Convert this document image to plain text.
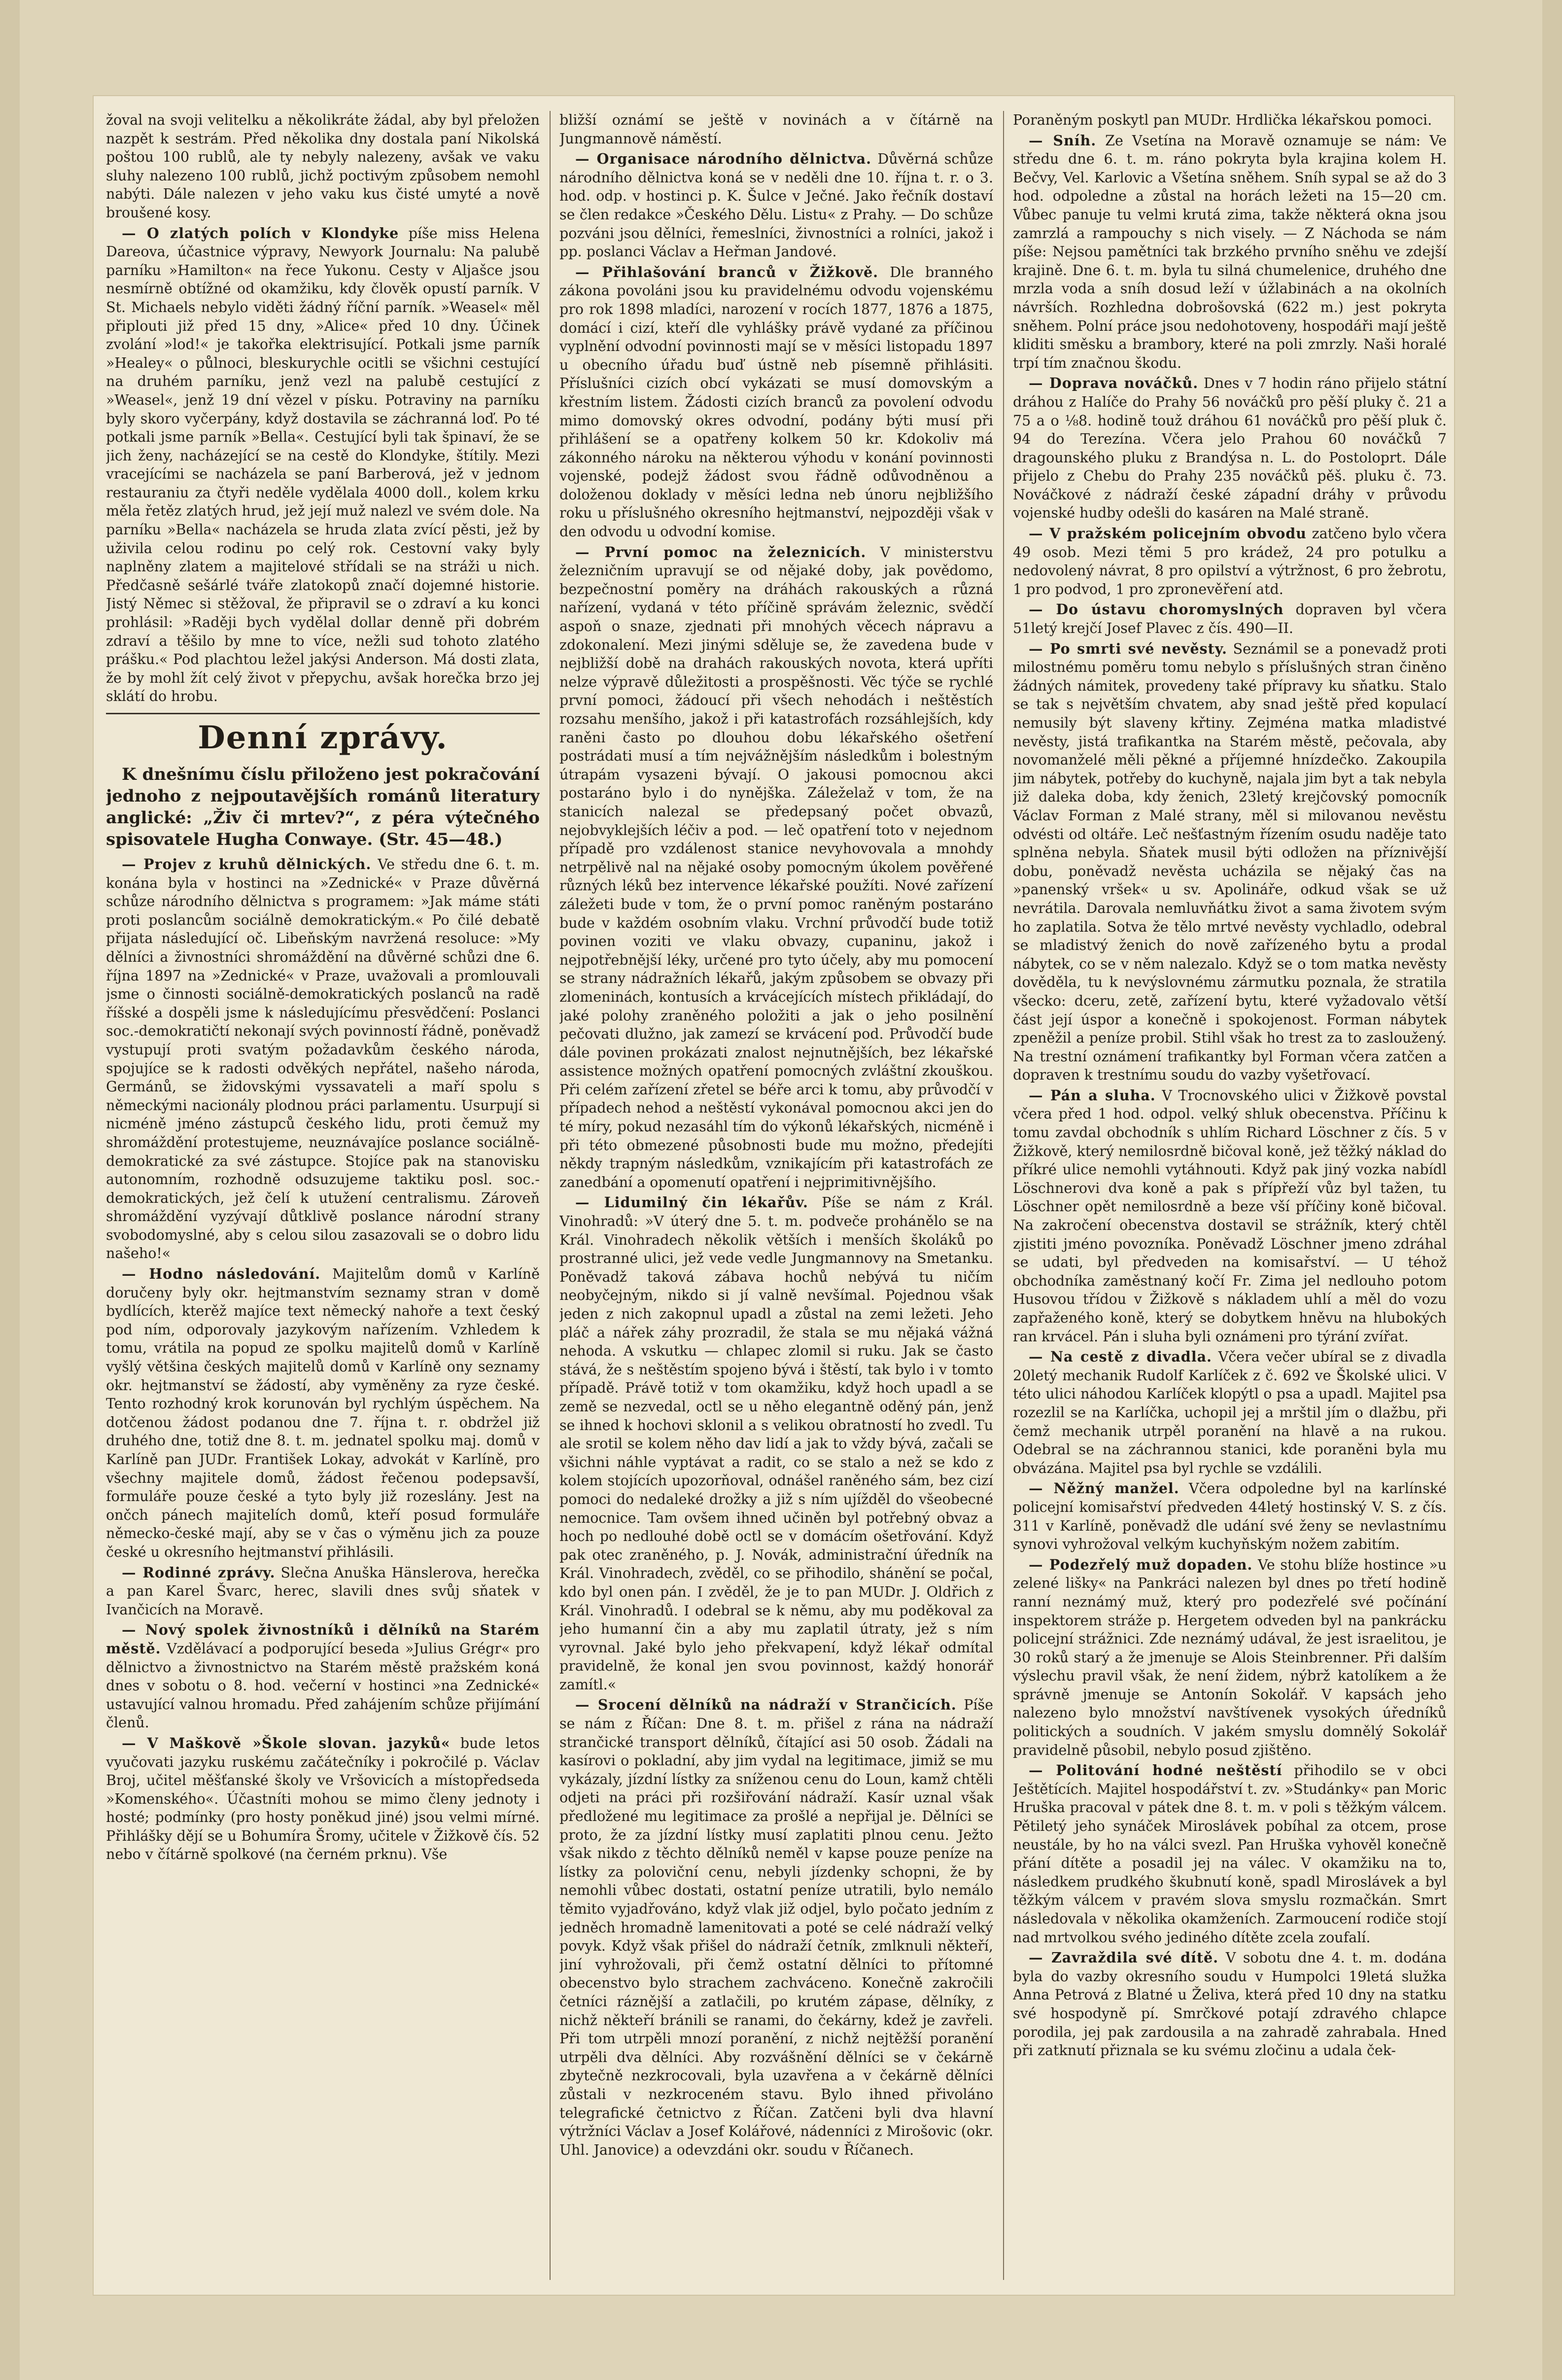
žoval na svoji velitelku a několikráte žádal, aby byl přeložen nazpět k sestrám. Před několika dny dostala paní Nikolská poštou 100 rublů, ale ty nebyly nalezeny, avšak ve vaku sluhy nalezeno 100 rublů, jichž poctivým způsobem nemohl nabýti. Dále nalezen v jeho vaku kus čisté umyté a nově broušené kosy.

— O zlatých polích v Klondyke píše miss Helena Dareova, účastnice výpravy, Newyork Journalu: Na palubě parníku »Hamilton« na řece Yukonu. Cesty v Aljašce jsou nesmírně obtížné od okamžiku, kdy člověk opustí parník. V St. Michaels nebylo viděti žádný říční parník. »Weasel« měl připlouti již před 15 dny, »Alice« před 10 dny. Účinek zvolání »lod!« je takořka elektrisující. Potkali jsme parník »Healey« o půlnoci, bleskurychle ocitli se všichni cestující na druhém parníku, jenž vezl na palubě cestující z »Weasel«, jenž 19 dní vězel v písku. Potraviny na parníku byly skoro vyčerpány, když dostavila se záchranná loď. Po té potkali jsme parník »Bella«. Cestující byli tak špinaví, že se jich ženy, nacházející se na cestě do Klondyke, štítily. Mezi vracejícími se nacházela se paní Barberová, jež v jednom restauraniu za čtyři neděle vydělala 4000 doll., kolem krku měla řetěz zlatých hrud, jež její muž nalezl ve svém dole. Na parníku »Bella« nacházela se hruda zlata zvící pěsti, jež by uživila celou rodinu po celý rok. Cestovní vaky byly naplněny zlatem a majitelové střídali se na stráži u nich. Předčasně sešárlé tváře zlatokopů značí dojemné historie. Jistý Němec si stěžoval, že připravil se o zdraví a ku konci prohlásil: »Raději bych vydělal dollar denně při dobrém zdraví a těšilo by mne to více, nežli sud tohoto zlatého prášku.« Pod plachtou ležel jakýsi Anderson. Má dosti zlata, že by mohl žít celý život v přepychu, avšak horečka brzo jej sklátí do hrobu.

Denní zprávy.

K dnešnímu číslu přiloženo jest pokračování jednoho z nejpoutavějších románů literatury anglické: „Živ či mrtev?“, z péra výtečného spisovatele Hugha Conwaye. (Str. 45—48.)

— Projev z kruhů dělnických. Ve středu dne 6. t. m. konána byla v hostinci na »Zednické« v Praze důvěrná schůze národního dělnictva s programem: »Jak máme státi proti poslancům sociálně demokratickým.« Po čilé debatě přijata následující oč. Libeňským navržená resoluce: »My dělníci a živnostníci shromáždění na důvěrné schůzi dne 6. října 1897 na »Zednické« v Praze, uvažovali a promlouvali jsme o činnosti sociálně-demokratických poslanců na radě říšské a dospěli jsme k následujícímu přesvědčení: Poslanci soc.-demokratičtí nekonají svých povinností řádně, poněvadž vystupují proti svatým požadavkům českého národa, spojujíce se k radosti odvěkých nepřátel, našeho národa, Germánů, se židovskými vyssavateli a maří spolu s německými nacionály plodnou práci parlamentu. Usurpují si nicméně jméno zástupců českého lidu, proti čemuž my shromáždění protestujeme, neuznávajíce poslance sociálně-demokratické za své zástupce. Stojíce pak na stanovisku autonomním, rozhodně odsuzujeme taktiku posl. soc.-demokratických, jež čelí k utužení centralismu. Zároveň shromáždění vyzývají důtklivě poslance národní strany svobodomyslné, aby s celou silou zasazovali se o dobro lidu našeho!«

— Hodno následování. Majitelům domů v Karlíně doručeny byly okr. hejtmanstvím seznamy stran v domě bydlících, kterěž majíce text německý nahoře a text český pod ním, odporovaly jazykovým nařízením. Vzhledem k tomu, vrátila na popud ze spolku majitelů domů v Karlíně vyšlý většina českých majitelů domů v Karlíně ony seznamy okr. hejtmanství se žádostí, aby vyměněny za ryze české. Tento rozhodný krok korunován byl rychlým úspěchem. Na dotčenou žádost podanou dne 7. října t. r. obdržel již druhého dne, totiž dne 8. t. m. jednatel spolku maj. domů v Karlíně pan JUDr. František Lokay, advokát v Karlíně, pro všechny majitele domů, žádost řečenou podepsavší, formuláře pouze české a tyto byly již rozeslány. Jest na ončch pánech majitelích domů, kteří posud formuláře německo-české mají, aby se v čas o výměnu jich za pouze české u okresního hejtmanství přihlásili.

— Rodinné zprávy. Slečna Anuška Hänslerova, herečka a pan Karel Švarc, herec, slavili dnes svůj sňatek v Ivančicích na Moravě.

— Nový spolek živnostníků i dělníků na Starém městě. Vzdělávací a podporující beseda »Julius Grégr« pro dělnictvo a živnostnictvo na Starém městě pražském koná dnes v sobotu o 8. hod. večerní v hostinci »na Zednické« ustavující valnou hromadu. Před zahájením schůze přijímání členů.

— V Maškově »Škole slovan. jazyků« bude letos vyučovati jazyku ruskému začátečníky i pokročilé p. Václav Broj, učitel měšťanské školy ve Vršovicích a místopředseda »Komenského«. Účastníti mohou se mimo členy jednoty i hosté; podmínky (pro hosty poněkud jiné) jsou velmi mírné. Přihlášky dějí se u Bohumíra Šromy, učitele v Žižkově čís. 52 nebo v čítárně spolkové (na černém prknu). Vše

bližší oznámí se ještě v novinách a v čítárně na Jungmannově náměstí.

— Organisace národního dělnictva. Důvěrná schůze národního dělnictva koná se v neděli dne 10. října t. r. o 3. hod. odp. v hostinci p. K. Šulce v Ječné. Jako řečník dostaví se člen redakce »Českého Dělu. Listu« z Prahy. — Do schůze pozváni jsou dělníci, řemeslníci, živnostníci a rolníci, jakož i pp. poslanci Václav a Heřman Jandové.

— Přihlašování branců v Žižkově. Dle branného zákona povoláni jsou ku pravidelnému odvodu vojenskému pro rok 1898 mladíci, narození v rocích 1877, 1876 a 1875, domácí i cizí, kteří dle vyhlášky právě vydané za příčinou vyplnění odvodní povinnosti mají se v měsíci listopadu 1897 u obecního úřadu buď ústně neb písemně přihlásiti. Příslušníci cizích obcí vykázati se musí domovským a křestním listem. Žádosti cizích branců za povolení odvodu mimo domovský okres odvodní, podány býti musí při přihlášení se a opatřeny kolkem 50 kr. Kdokoliv má zákonného nároku na některou výhodu v konání povinnosti vojenské, podejž žádost svou řádně odůvodněnou a doloženou doklady v měsíci ledna neb únoru nejbližšího roku u příslušného okresního hejtmanství, nejpozději však v den odvodu u odvodní komise.

— První pomoc na železnicích. V ministerstvu železničním upravují se od nějaké doby, jak povědomo, bezpečnostní poměry na dráhách rakouských a různá nařízení, vydaná v této příčině správám železnic, svědčí aspoň o snaze, zjednati při mnohých věcech nápravu a zdokonalení. Mezi jinými sděluje se, že zavedena bude v nejbližší době na drahách rakouských novota, která upříti nelze výpravě důležitosti a prospěšnosti. Věc týče se rychlé první pomoci, žádoucí při všech nehodách i neštěstích rozsahu menšího, jakož i při katastrofách rozsáhlejších, kdy raněni často po dlouhou dobu lékařského ošetření postrádati musí a tím nejvážnějším následkům i bolestným útrapám vysazeni bývají. O jakousi pomocnou akci postaráno bylo i do nynějška. Záleželaž v tom, že na stanicích nalezal se předepsaný počet obvazů, nejobvyklejších léčiv a pod. — leč opatření toto v nejednom případě pro vzdálenost stanice nevyhovovala a mnohdy netrpělivě nal na nějaké osoby pomocným úkolem pověřené různých léků bez intervence lékařské použíti. Nové zařízení záležeti bude v tom, že o první pomoc raněným postaráno bude v každém osobním vlaku. Vrchní průvodčí bude totiž povinen voziti ve vlaku obvazy, cupaninu, jakož i nejpotřebnější léky, určené pro tyto účely, aby mu pomocení se strany nádražních lékařů, jakým způsobem se obvazy při zlomeninách, kontusích a krvácejících místech přikládají, do jaké polohy zraněného položiti a jak o jeho posilnění pečovati dlužno, jak zamezí se krvácení pod. Průvodčí bude dále povinen prokázati znalost nejnutnějších, bez lékařské assistence možných opatření pomocných zvláštní zkouškou. Při celém zařízení zřetel se béře arci k tomu, aby průvodčí v případech nehod a neštěstí vykonával pomocnou akci jen do té míry, pokud nezasáhl tím do výkonů lékařských, nicméně i při této obmezené působnosti bude mu možno, předejíti někdy trapným následkům, vznikajícím při katastrofách ze zanedbání a opomenutí opatření i nejprimitivnějšího.

— Lidumilný čin lékařův. Píše se nám z Král. Vinohradů: »V úterý dne 5. t. m. podveče prohánělo se na Král. Vinohradech několik větších i menších školáků po prostranné ulici, jež vede vedle Jungmannovy na Smetanku. Poněvadž taková zábava hochů nebývá tu ničím neobyčejným, nikdo si jí valně nevšímal. Pojednou však jeden z nich zakopnul upadl a zůstal na zemi ležeti. Jeho pláč a nářek záhy prozradil, že stala se mu nějaká vážná nehoda. A vskutku — chlapec zlomil si ruku. Jak se často stává, že s neštěstím spojeno bývá i štěstí, tak bylo i v tomto případě. Právě totiž v tom okamžiku, když hoch upadl a se země se nezvedal, octl se u něho elegantně oděný pán, jenž se ihned k hochovi sklonil a s velikou obratností ho zvedl. Tu ale srotil se kolem něho dav lidí a jak to vždy bývá, začali se všichni náhle vyptávat a radit, co se stalo a než se kdo z kolem stojících upozorňoval, odnášel raněného sám, bez cizí pomoci do nedaleké drožky a již s ním ujížděl do všeobecné nemocnice. Tam ovšem ihned učiněn byl potřebný obvaz a hoch po nedlouhé době octl se v domácím ošetřování. Když pak otec zraněného, p. J. Novák, administrační úředník na Král. Vinohradech, zvěděl, co se přihodilo, shánění se počal, kdo byl onen pán. I zvěděl, že je to pan MUDr. J. Oldřich z Král. Vinohradů. I odebral se k němu, aby mu poděkoval za jeho humanní čin a aby mu zaplatil útraty, jež s ním vyrovnal. Jaké bylo jeho překvapení, když lékař odmítal pravidelně, že konal jen svou povinnost, každý honorář zamítl.«

— Srocení dělníků na nádraží v Strančicích. Píše se nám z Říčan: Dne 8. t. m. přišel z rána na nádraží strančické transport dělníků, čítající asi 50 osob. Žádali na kasírovi o pokladní, aby jim vydal na legitimace, jimiž se mu vykázaly, jízdní lístky za sníženou cenu do Loun, kamž chtěli odjeti na práci při rozšiřování nádraží. Kasír uznal však předložené mu legitimace za prošlé a nepřijal je. Dělníci se proto, že za jízdní lístky musí zaplatiti plnou cenu. Ježto však nikdo z těchto dělníků neměl v kapse pouze peníze na lístky za poloviční cenu, nebyli jízdenky schopni, že by nemohli vůbec dostati, ostatní peníze utratili, bylo nemálo těmito vyjadřováno, když vlak již odjel, bylo počato jedním z jedněch hromadně lamenitovati a poté se celé nádraží velký povyk. Když však přišel do nádraží četník, zmlknuli někteří, jiní vyhrožovali, při čemž ostatní dělníci to přítomné obecenstvo bylo strachem zachváceno. Konečně zakročili četníci ráznější a zatlačili, po krutém zápase, dělníky, z nichž někteří bránili se ranami, do čekárny, kdež je zavřeli. Při tom utrpěli mnozí poranění, z nichž nejtěžší poranění utrpěli dva dělníci. Aby rozvášnění dělníci se v čekárně zbytečně nezkrocovali, byla uzavřena a v čekárně dělníci zůstali v nezkroceném stavu. Bylo ihned přivoláno telegrafické četnictvo z Říčan. Zatčeni byli dva hlavní výtržníci Václav a Josef Kolářové, nádenníci z Mirošovic (okr. Uhl. Janovice) a odevzdáni okr. soudu v Říčanech.

Poraněným poskytl pan MUDr. Hrdlička lékařskou pomoci.

— Sníh. Ze Vsetína na Moravě oznamuje se nám: Ve středu dne 6. t. m. ráno pokryta byla krajina kolem H. Bečvy, Vel. Karlovic a Všetína sněhem. Sníh sypal se až do 3 hod. odpoledne a zůstal na horách ležeti na 15—20 cm. Vůbec panuje tu velmi krutá zima, takže některá okna jsou zamrzlá a rampouchy s nich visely. — Z Náchoda se nám píše: Nejsou pamětníci tak brzkého prvního sněhu ve zdejší krajině. Dne 6. t. m. byla tu silná chumelenice, druhého dne mrzla voda a sníh dosud leží v úžlabinách a na okolních návrších. Rozhledna dobrošovská (622 m.) jest pokryta sněhem. Polní práce jsou nedohotoveny, hospodáři mají ještě kliditi směsku a brambory, které na poli zmrzly. Naši horalé trpí tím značnou škodu.

— Doprava nováčků. Dnes v 7 hodin ráno přijelo státní dráhou z Halíče do Prahy 56 nováčků pro pěší pluky č. 21 a 75 a o ⅛8. hodině touž dráhou 61 nováčků pro pěší pluk č. 94 do Terezína. Včera jelo Prahou 60 nováčků 7 dragounského pluku z Brandýsa n. L. do Postoloprt. Dále přijelo z Chebu do Prahy 235 nováčků pěš. pluku č. 73. Nováčkové z nádraží české západní dráhy v průvodu vojenské hudby odešli do kasáren na Malé straně.

— V pražském policejním obvodu zatčeno bylo včera 49 osob. Mezi těmi 5 pro krádež, 24 pro potulku a nedovolený návrat, 8 pro opilství a výtržnost, 6 pro žebrotu, 1 pro podvod, 1 pro zpronevěření atd.

— Do ústavu choromyslných dopraven byl včera 51letý krejčí Josef Plavec z čís. 490—II.

— Po smrti své nevěsty. Seznámil se a ponevadž proti milostnému poměru tomu nebylo s příslušných stran činěno žádných námitek, provedeny také přípravy ku sňatku. Stalo se tak s největším chvatem, aby snad ještě před kopulací nemusily být slavenу křtiny. Zejména matka mladistvé nevěsty, jistá trafikantka na Starém městě, pečovala, aby novomanželé měli pěkné a příjemné hnízdečko. Zakoupila jim nábytek, potřeby do kuchyně, najala jim byt a tak nebyla již daleka doba, kdy ženich, 23letý krejčovský pomocník Václav Forman z Malé strany, měl si milovanou nevěstu odvésti od oltáře. Leč nešťastným řízením osudu naděje tato splněna nebyla. Sňatek musil býti odložen na příznivější dobu, poněvadž nevěsta ucházila se nějaký čas na »panenský vršek« u sv. Apolináře, odkud však se už nevrátila. Darovala nemluvňátku život a sama životem svým ho zaplatila. Sotva že tělo mrtvé nevěsty vychladlo, odebral se mladistvý ženich do nově zařízeného bytu a prodal nábytek, co se v něm nalezalo. Když se o tom matka nevěsty dověděla, tu k nevýslovnému zármutku poznala, že stratila všecko: dceru, zetě, zařízení bytu, které vyžadovalo větší část její úspor a konečně i spokojenost. Forman nábytek zpeněžil a peníze probil. Stihl však ho trest za to zasloužený. Na trestní oznámení trafikantky byl Forman včera zatčen a dopraven k trestnímu soudu do vazby vyšetřovací.

— Pán a sluha. V Trocnovského ulici v Žižkově povstal včera před 1 hod. odpol. velký shluk obecenstva. Příčinu k tomu zavdal obchodník s uhlím Richard Löschner z čís. 5 v Žižkově, který nemilosrdně bičoval koně, jež těžký náklad do příkré ulice nemohli vytáhnouti. Když pak jiný vozka nabídl Löschnerovi dva koně a pak s přípřeží vůz byl tažen, tu Löschner opět nemilosrdně a beze vší příčiny koně bičoval. Na zakročení obecenstva dostavil se strážník, který chtěl zjistiti jméno povozníka. Poněvadž Löschner jmeno zdráhal se udati, byl předveden na komisařství. — U téhož obchodníka zaměstnaný kočí Fr. Zima jel nedlouho potom Husovou třídou v Žižkově s nákladem uhlí a měl do vozu zapřaženého koně, který se dobytkem hněvu na hlubokých ran krvácel. Pán i sluha byli oznámeni pro týrání zvířat.

— Na cestě z divadla. Včera večer ubíral se z divadla 20letý mechanik Rudolf Karlíček z č. 692 ve Školské ulici. V této ulici náhodou Karlíček klopýtl o psa a upadl. Majitel psa rozezlil se na Karlíčka, uchopil jej a mrštil jím o dlažbu, při čemž mechanik utrpěl poranění na hlavě a na rukou. Odebral se na záchrannou stanici, kde poraněni byla mu obvázána. Majitel psa byl rychle se vzdálili.

— Něžný manžel. Včera odpoledne byl na karlínské policejní komisařství předveden 44letý hostinský V. S. z čís. 311 v Karlíně, poněvadž dle udání své ženy se nevlastnímu synovi vyhrožoval velkým kuchyňským nožem zabitím.

— Podezřelý muž dopaden. Ve stohu blíže hostince »u zelené lišky« na Pankráci nalezen byl dnes po třetí hodině ranní neznámý muž, který pro podezřelé své počínání inspektorem stráže p. Hergetem odveden byl na pankrácku policejní strážnici. Zde neznámý udával, že jest israelitou, je 30 roků starý a že jmenuje se Alois Steinbrenner. Při dalším výslechu pravil však, že není židem, nýbrž katolíkem a že správně jmenuje se Antonín Sokolář. V kapsách jeho nalezeno bylo množství navštívenek vysokých úředníků politických a soudních. V jakém smyslu domnělý Sokolář pravidelně působil, nebylo posud zjištěno.

— Politování hodné neštěstí přihodilo se v obci Ještětících. Majitel hospodářství t. zv. »Studánky« pan Moric Hruška pracoval v pátek dne 8. t. m. v poli s těžkým válcem. Pětiletý jeho synáček Miroslávek pobíhal za otcem, prose neustále, by ho na válci svezl. Pan Hruška vyhověl konečně přání dítěte a posadil jej na válec. V okamžiku na to, následkem prudkého škubnutí koně, spadl Miroslávek a byl těžkým válcem v pravém slova smyslu rozmačkán. Smrt následovala v několika okamženích. Zarmoucení rodiče stojí nad mrtvolkou svého jediného dítěte zcela zoufalí.

— Zavraždila své dítě. V sobotu dne 4. t. m. dodána byla do vazby okresního soudu v Humpolci 19letá služka Anna Petrová z Blatné u Želiva, která před 10 dny na statku své hospodyně pí. Smrčkové potají zdravého chlapce porodila, jej pak zardousila a na zahradě zahrabala. Hned při zatknutí přiznala se ku svému zločinu a udala ček-
